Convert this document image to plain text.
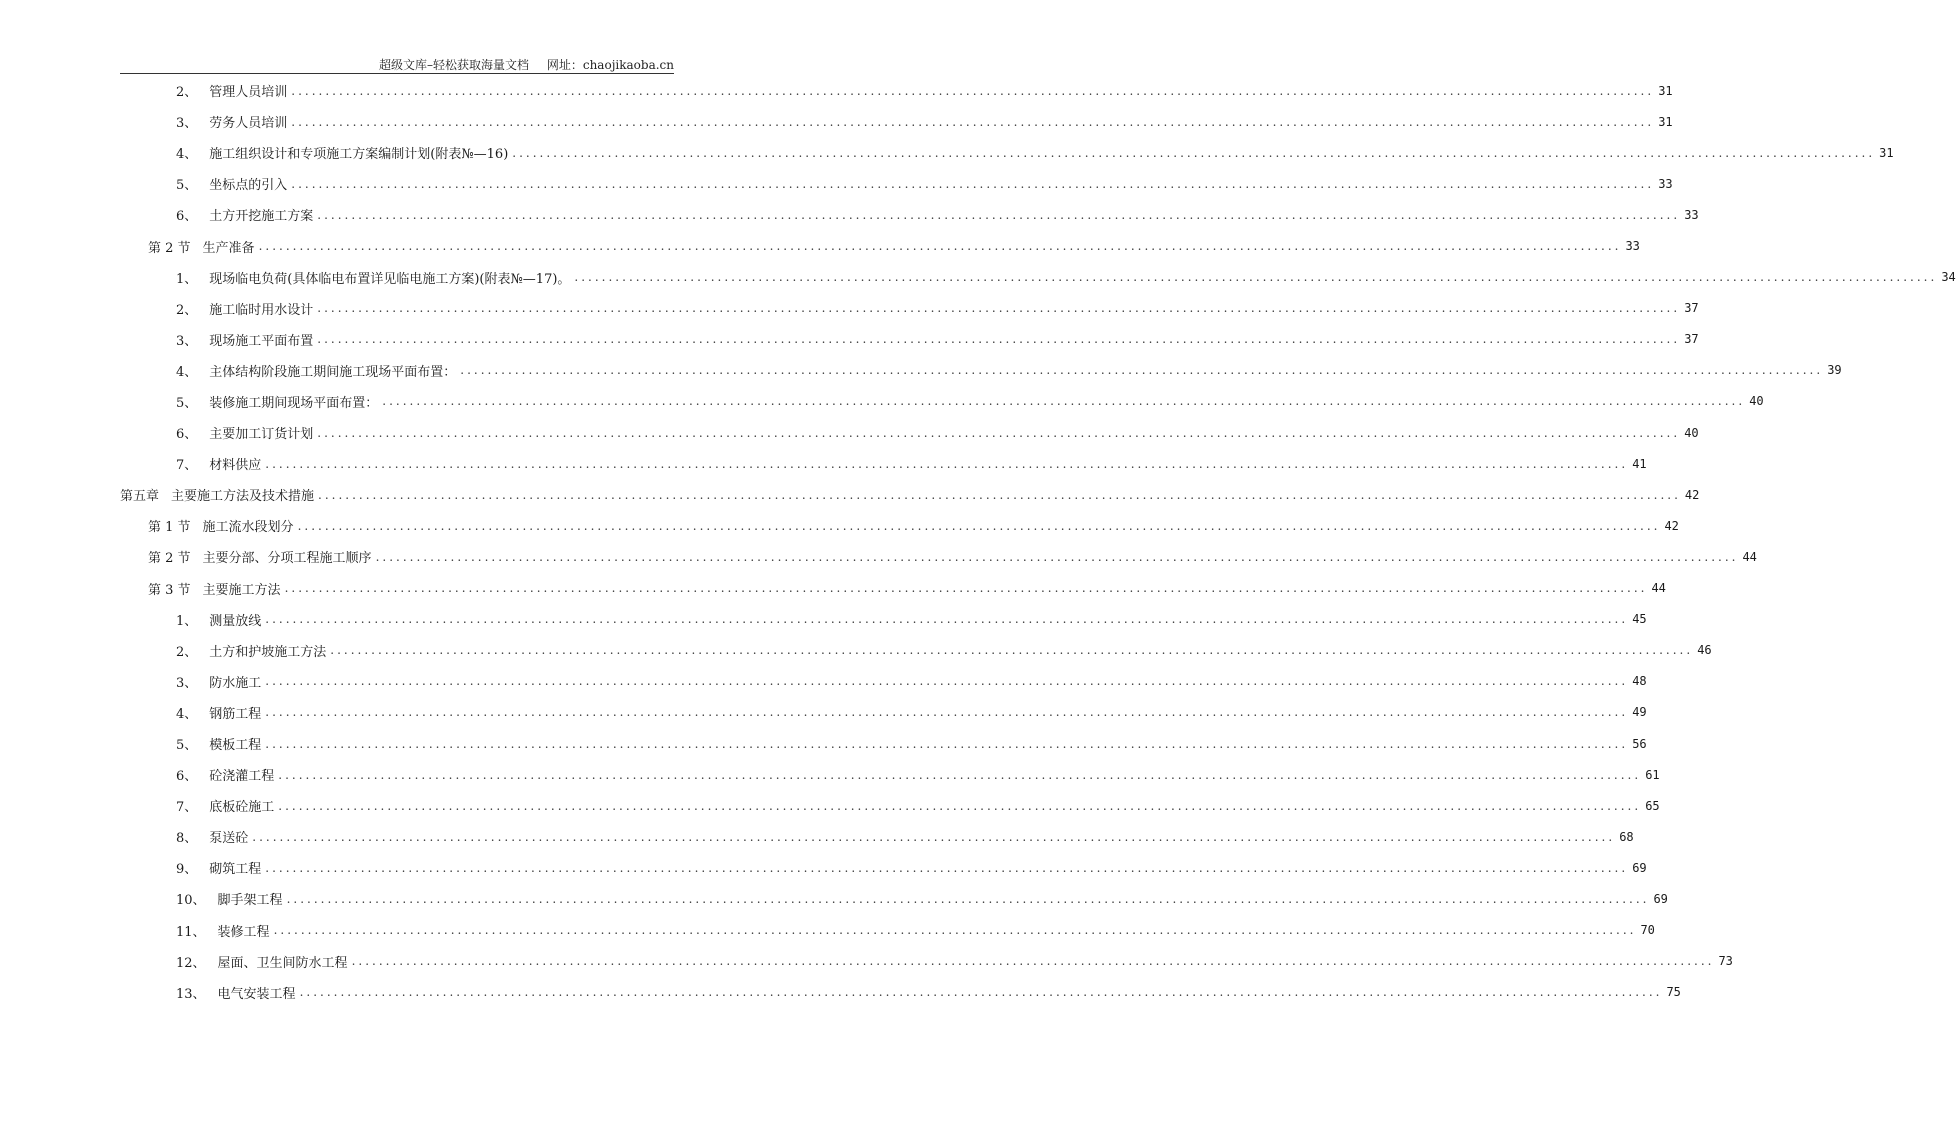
超级文库–轻松获取海量文档 网址：chaojikaoba.cn
2、 管理人员培训 ........................................................................................................................................................................................................ 31
3、 劳务人员培训 ........................................................................................................................................................................................................ 31
4、 施工组织设计和专项施工方案编制计划(附表№—16) ........................................................................................................................................................................................................ 31
5、 坐标点的引入 ........................................................................................................................................................................................................ 33
6、 土方开挖施工方案 ........................................................................................................................................................................................................ 33
第 2 节 生产准备 ........................................................................................................................................................................................................ 33
1、 现场临电负荷(具体临电布置详见临电施工方案)(附表№—17)。 ........................................................................................................................................................................................................ 34
2、 施工临时用水设计 ........................................................................................................................................................................................................ 37
3、 现场施工平面布置 ........................................................................................................................................................................................................ 37
4、 主体结构阶段施工期间施工现场平面布置： ........................................................................................................................................................................................................ 39
5、 装修施工期间现场平面布置： ........................................................................................................................................................................................................ 40
6、 主要加工订货计划 ........................................................................................................................................................................................................ 40
7、 材料供应 ........................................................................................................................................................................................................ 41
第五章 主要施工方法及技术措施 ........................................................................................................................................................................................................ 42
第 1 节 施工流水段划分 ........................................................................................................................................................................................................ 42
第 2 节 主要分部、分项工程施工顺序 ........................................................................................................................................................................................................ 44
第 3 节 主要施工方法 ........................................................................................................................................................................................................ 44
1、 测量放线 ........................................................................................................................................................................................................ 45
2、 土方和护坡施工方法 ........................................................................................................................................................................................................ 46
3、 防水施工 ........................................................................................................................................................................................................ 48
4、 钢筋工程 ........................................................................................................................................................................................................ 49
5、 模板工程 ........................................................................................................................................................................................................ 56
6、 砼浇灌工程 ........................................................................................................................................................................................................ 61
7、 底板砼施工 ........................................................................................................................................................................................................ 65
8、 泵送砼 ........................................................................................................................................................................................................ 68
9、 砌筑工程 ........................................................................................................................................................................................................ 69
10、 脚手架工程 ........................................................................................................................................................................................................ 69
11、 装修工程 ........................................................................................................................................................................................................ 70
12、 屋面、卫生间防水工程 ........................................................................................................................................................................................................ 73
13、 电气安装工程 ........................................................................................................................................................................................................ 75
